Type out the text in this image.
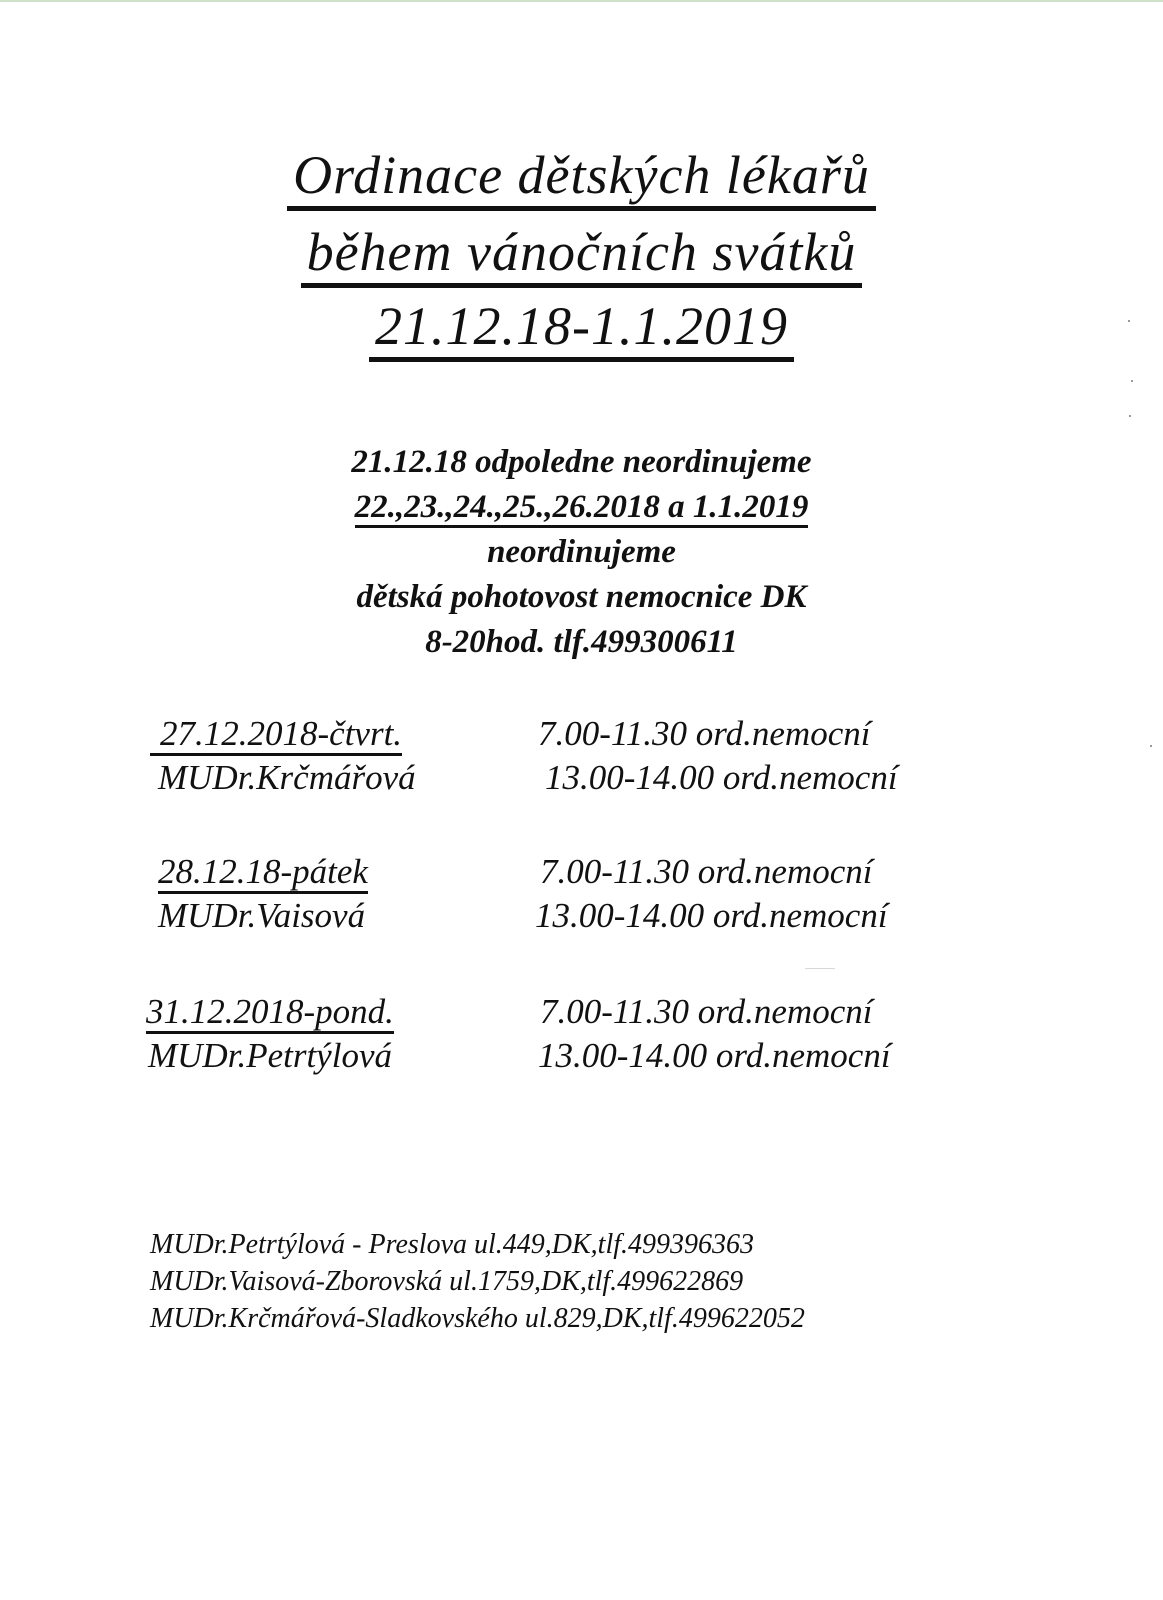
Ordinace dětských lékařů
během vánočních svátků
21.12.18-1.1.2019
21.12.18 odpoledne neordinujeme
22.,23.,24.,25.,26.2018 a 1.1.2019
neordinujeme
dětská pohotovost nemocnice DK
8-20hod. tlf.499300611
27.12.2018-čtvrt.
MUDr.Krčmářová
7.00-11.30 ord.nemocní
13.00-14.00 ord.nemocní
28.12.18-pátek
MUDr.Vaisová
7.00-11.30 ord.nemocní
13.00-14.00 ord.nemocní
31.12.2018-pond.
MUDr.Petrtýlová
7.00-11.30 ord.nemocní
13.00-14.00 ord.nemocní
MUDr.Petrtýlová - Preslova ul.449,DK,tlf.499396363
MUDr.Vaisová-Zborovská ul.1759,DK,tlf.499622869
MUDr.Krčmářová-Sladkovského ul.829,DK,tlf.499622052
